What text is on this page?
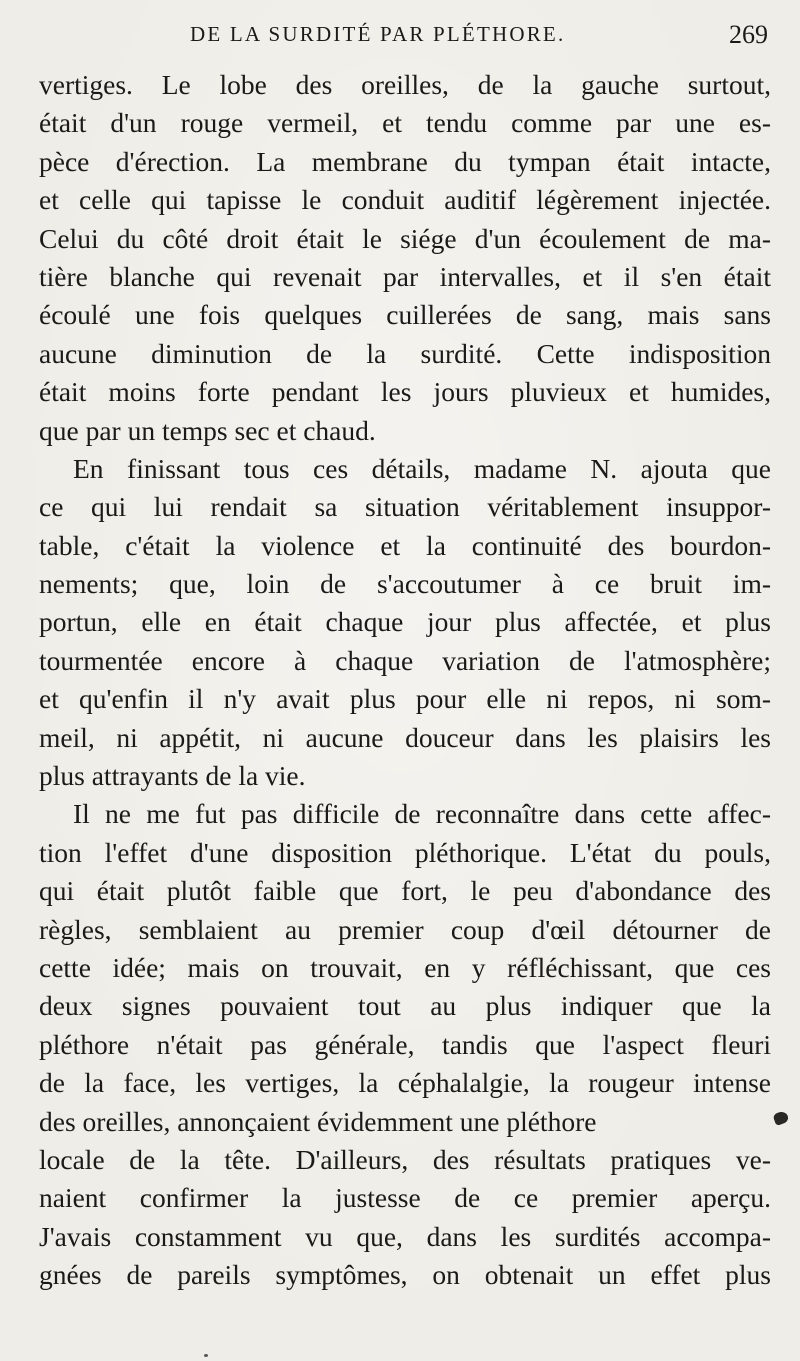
DE LA SURDITÉ PAR PLÉTHORE.	269
vertiges. Le lobe des oreilles, de la gauche surtout,
était d'un rouge vermeil, et tendu comme par une es-
pèce d'érection. La membrane du tympan était intacte,
et celle qui tapisse le conduit auditif légèrement injectée.
Celui du côté droit était le siége d'un écoulement de ma-
tière blanche qui revenait par intervalles, et il s'en était
écoulé une fois quelques cuillerées de sang, mais sans
aucune diminution de la surdité. Cette indisposition
était moins forte pendant les jours pluvieux et humides,
que par un temps sec et chaud.
En finissant tous ces détails, madame N. ajouta que
ce qui lui rendait sa situation véritablement insuppor-
table, c'était la violence et la continuité des bourdon-
nements; que, loin de s'accoutumer à ce bruit im-
portun, elle en était chaque jour plus affectée, et plus
tourmentée encore à chaque variation de l'atmosphère;
et qu'enfin il n'y avait plus pour elle ni repos, ni som-
meil, ni appétit, ni aucune douceur dans les plaisirs les
plus attrayants de la vie.
Il ne me fut pas difficile de reconnaître dans cette affec-
tion l'effet d'une disposition pléthorique. L'état du pouls,
qui était plutôt faible que fort, le peu d'abondance des
règles, semblaient au premier coup d'œil détourner de
cette idée; mais on trouvait, en y réfléchissant, que ces
deux signes pouvaient tout au plus indiquer que la
pléthore n'était pas générale, tandis que l'aspect fleuri
de la face, les vertiges, la céphalalgie, la rougeur intense
des oreilles, annonçaient évidemment une pléthore
locale de la tête. D'ailleurs, des résultats pratiques ve-
naient confirmer la justesse de ce premier aperçu.
J'avais constamment vu que, dans les surdités accompa-
gnées de pareils symptômes, on obtenait un effet plus
